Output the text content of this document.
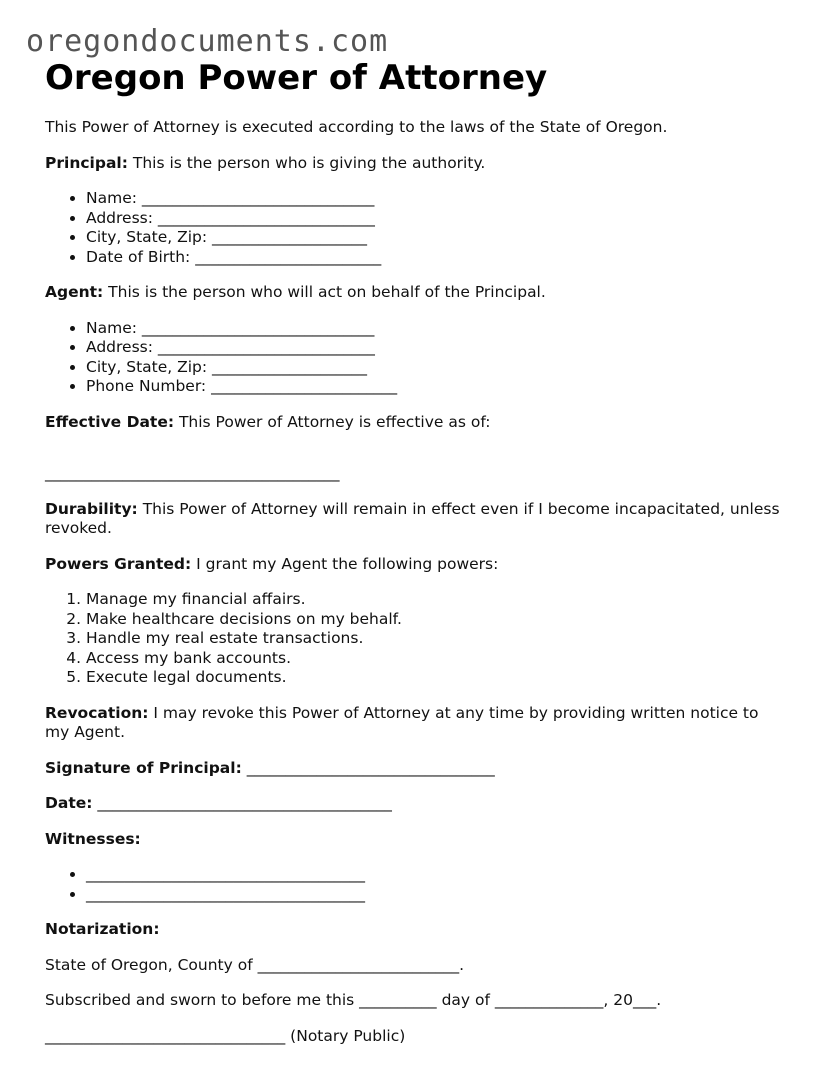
oregondocuments.com
Oregon Power of Attorney

This Power of Attorney is executed according to the laws of the State of Oregon.

Principal: This is the person who is giving the authority.

• Name: ______________________________
• Address: ____________________________
• City, State, Zip: ____________________
• Date of Birth: ________________________

Agent: This is the person who will act on behalf of the Principal.

• Name: ______________________________
• Address: ____________________________
• City, State, Zip: ____________________
• Phone Number: ________________________

Effective Date: This Power of Attorney is effective as of:

______________________________________

Durability: This Power of Attorney will remain in effect even if I become incapacitated, unless revoked.

Powers Granted: I grant my Agent the following powers:

1. Manage my financial affairs.
2. Make healthcare decisions on my behalf.
3. Handle my real estate transactions.
4. Access my bank accounts.
5. Execute legal documents.

Revocation: I may revoke this Power of Attorney at any time by providing written notice to my Agent.

Signature of Principal: ________________________________

Date: ______________________________________

Witnesses:

• ____________________________________
• ____________________________________

Notarization:

State of Oregon, County of __________________________.

Subscribed and sworn to before me this __________ day of ______________, 20___.

_______________________________ (Notary Public)
